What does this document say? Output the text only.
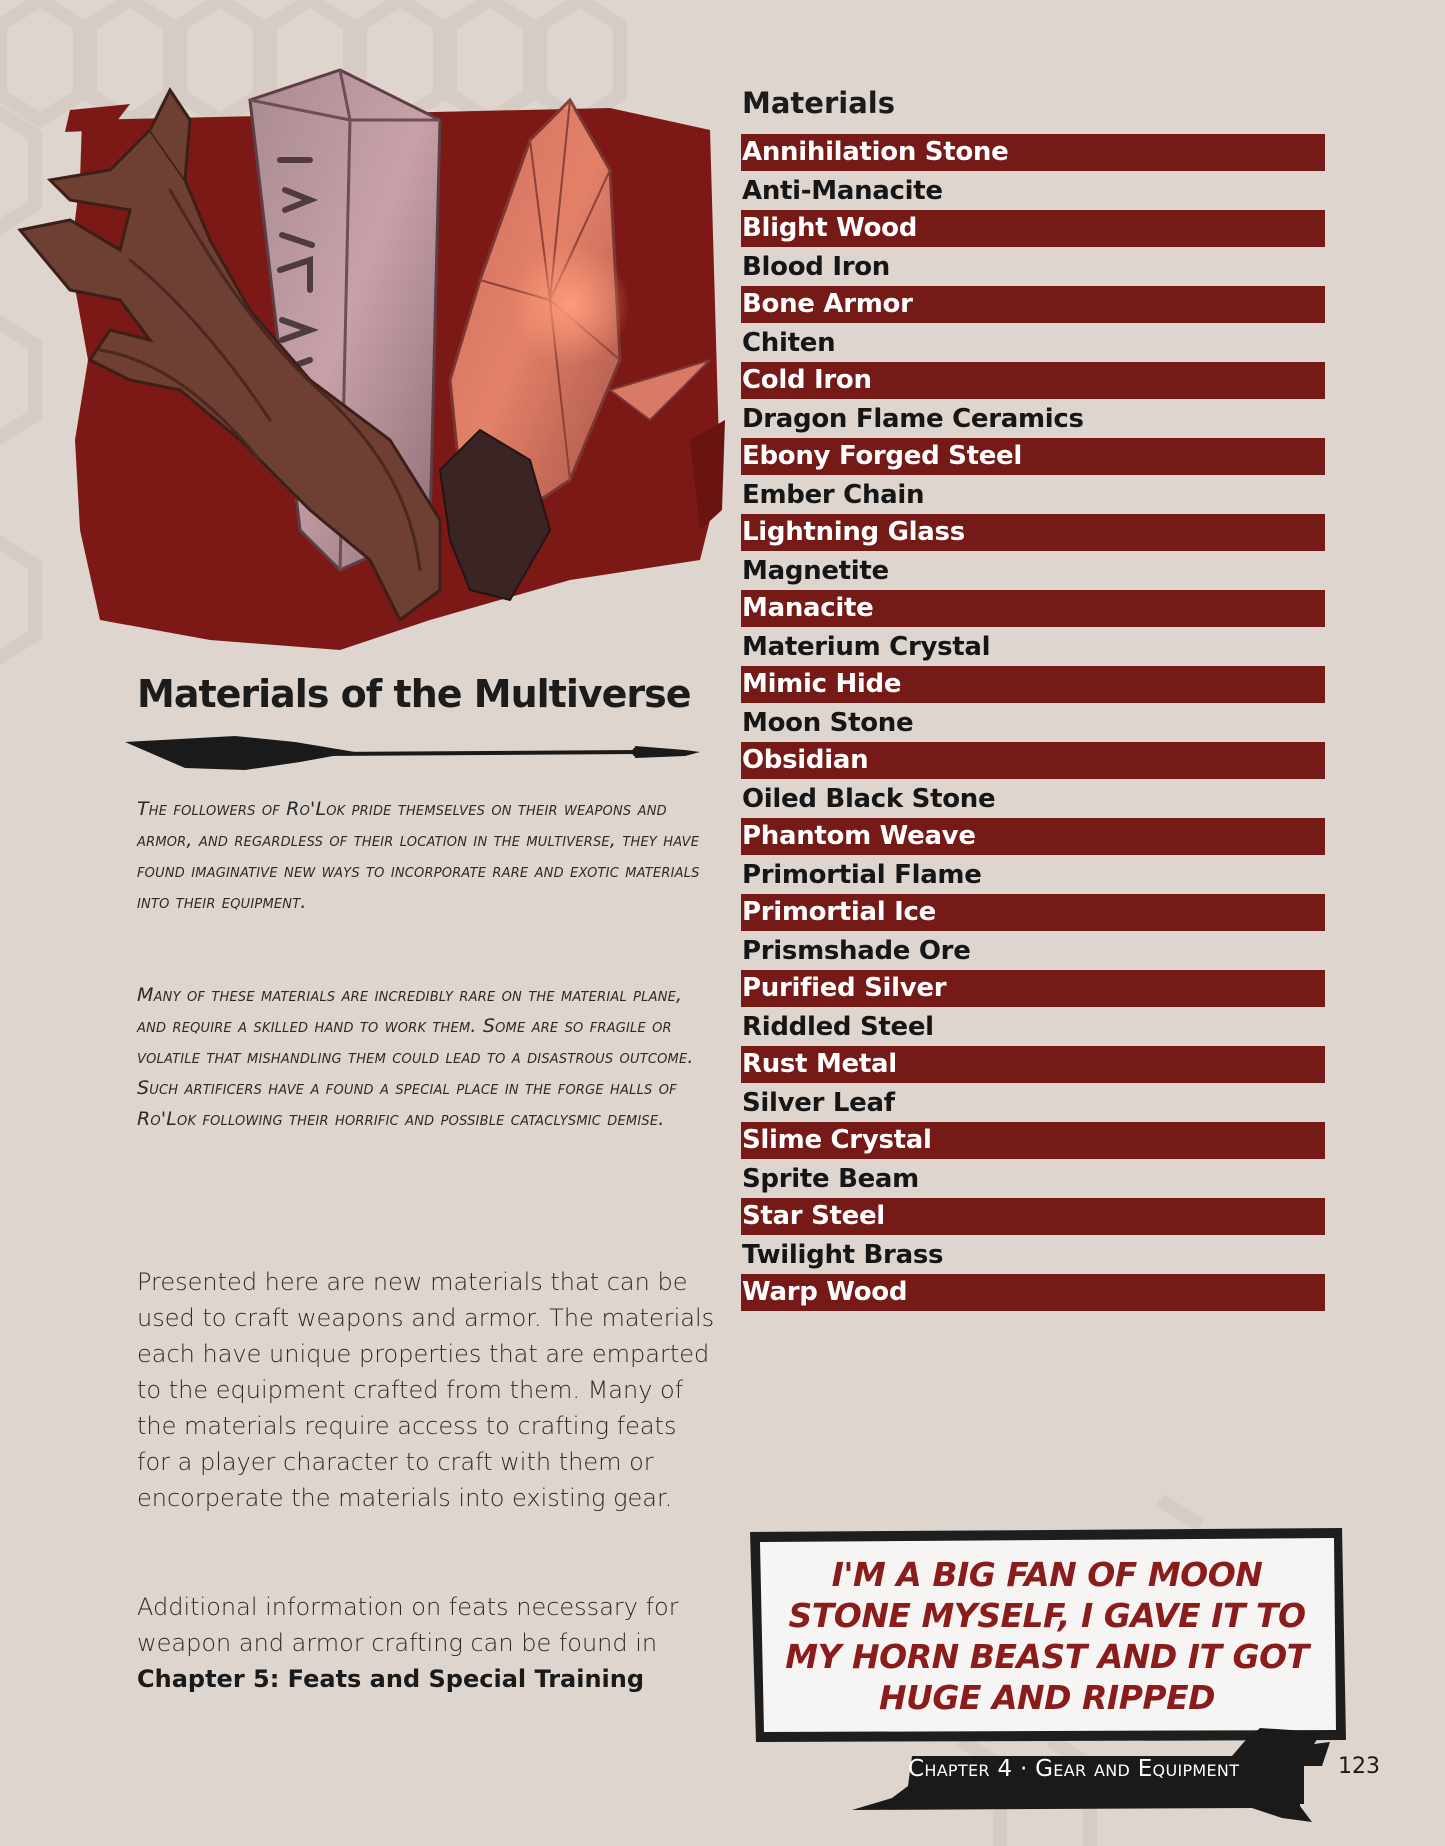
Materials of the Multiverse

The followers of Ro'Lok pride themselves on their weapons and armor, and regardless of their location in the multiverse, they have found imaginative new ways to incorporate rare and exotic materials into their equipment.

Many of these materials are incredibly rare on the material plane, and require a skilled hand to work them. Some are so fragile or volatile that mishandling them could lead to a disastrous outcome. Such artificers have a found a special place in the forge halls of Ro'Lok following their horrific and possible cataclysmic demise.

Presented here are new materials that can be used to craft weapons and armor. The materials each have unique properties that are emparted to the equipment crafted from them. Many of the materials require access to crafting feats for a player character to craft with them or encorperate the materials into existing gear.

Additional information on feats necessary for weapon and armor crafting can be found in Chapter 5: Feats and Special Training

Materials
Annihilation Stone
Anti-Manacite
Blight Wood
Blood Iron
Bone Armor
Chiten
Cold Iron
Dragon Flame Ceramics
Ebony Forged Steel
Ember Chain
Lightning Glass
Magnetite
Manacite
Materium Crystal
Mimic Hide
Moon Stone
Obsidian
Oiled Black Stone
Phantom Weave
Primortial Flame
Primortial Ice
Prismshade Ore
Purified Silver
Riddled Steel
Rust Metal
Silver Leaf
Slime Crystal
Sprite Beam
Star Steel
Twilight Brass
Warp Wood

I'M A BIG FAN OF MOON STONE MYSELF, I GAVE IT TO MY HORN BEAST AND IT GOT HUGE AND RIPPED

Chapter 4 · Gear and Equipment	123
